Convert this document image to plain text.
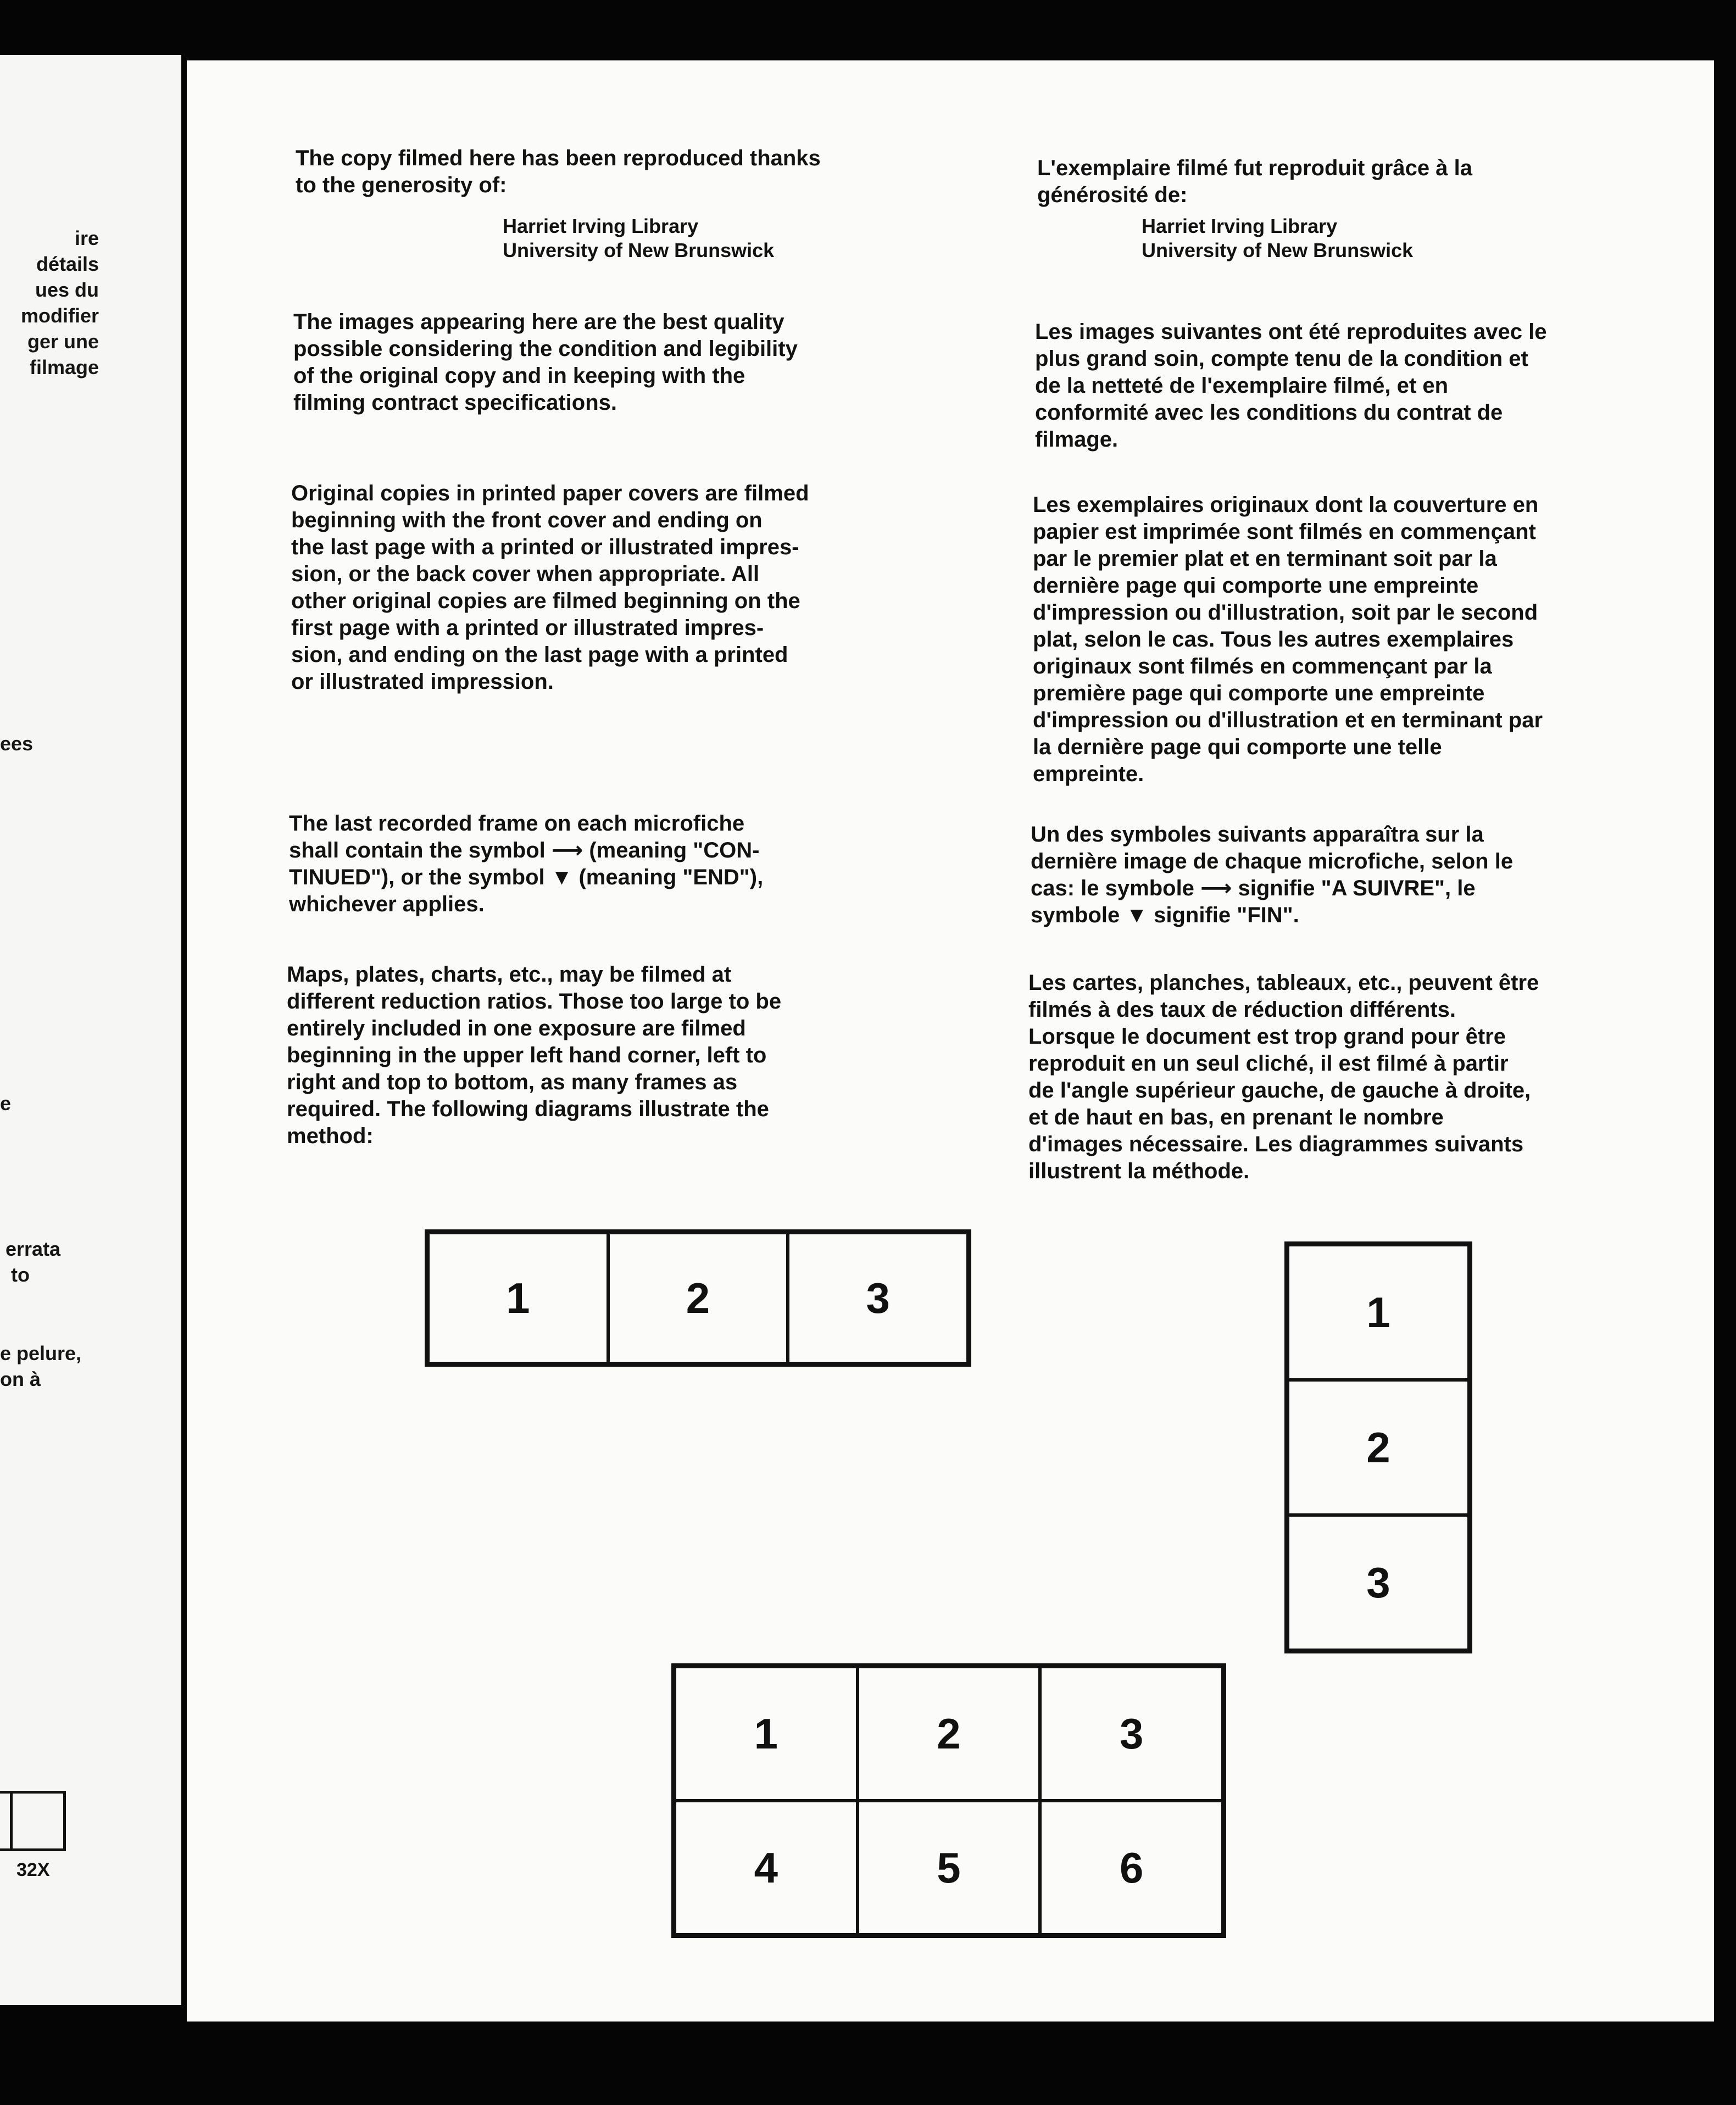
ire
détails
ues du
modifier
ger une
filmage
ees
e
errata
to
e pelure,
on à
32X

The copy filmed here has been reproduced thanks
to the generosity of:

Harriet Irving Library
University of New Brunswick

The images appearing here are the best quality
possible considering the condition and legibility
of the original copy and in keeping with the
filming contract specifications.

Original copies in printed paper covers are filmed
beginning with the front cover and ending on
the last page with a printed or illustrated impres-
sion, or the back cover when appropriate. All
other original copies are filmed beginning on the
first page with a printed or illustrated impres-
sion, and ending on the last page with a printed
or illustrated impression.

The last recorded frame on each microfiche
shall contain the symbol ⟶ (meaning "CON-
TINUED"), or the symbol ▼ (meaning "END"),
whichever applies.

Maps, plates, charts, etc., may be filmed at
different reduction ratios. Those too large to be
entirely included in one exposure are filmed
beginning in the upper left hand corner, left to
right and top to bottom, as many frames as
required. The following diagrams illustrate the
method:

L'exemplaire filmé fut reproduit grâce à la
générosité de:

Harriet Irving Library
University of New Brunswick

Les images suivantes ont été reproduites avec le
plus grand soin, compte tenu de la condition et
de la netteté de l'exemplaire filmé, et en
conformité avec les conditions du contrat de
filmage.

Les exemplaires originaux dont la couverture en
papier est imprimée sont filmés en commençant
par le premier plat et en terminant soit par la
dernière page qui comporte une empreinte
d'impression ou d'illustration, soit par le second
plat, selon le cas. Tous les autres exemplaires
originaux sont filmés en commençant par la
première page qui comporte une empreinte
d'impression ou d'illustration et en terminant par
la dernière page qui comporte une telle
empreinte.

Un des symboles suivants apparaîtra sur la
dernière image de chaque microfiche, selon le
cas: le symbole ⟶ signifie "A SUIVRE", le
symbole ▼ signifie "FIN".

Les cartes, planches, tableaux, etc., peuvent être
filmés à des taux de réduction différents.
Lorsque le document est trop grand pour être
reproduit en un seul cliché, il est filmé à partir
de l'angle supérieur gauche, de gauche à droite,
et de haut en bas, en prenant le nombre
d'images nécessaire. Les diagrammes suivants
illustrent la méthode.

1	2	3	1
2
3
1	2	3
4	5	6
